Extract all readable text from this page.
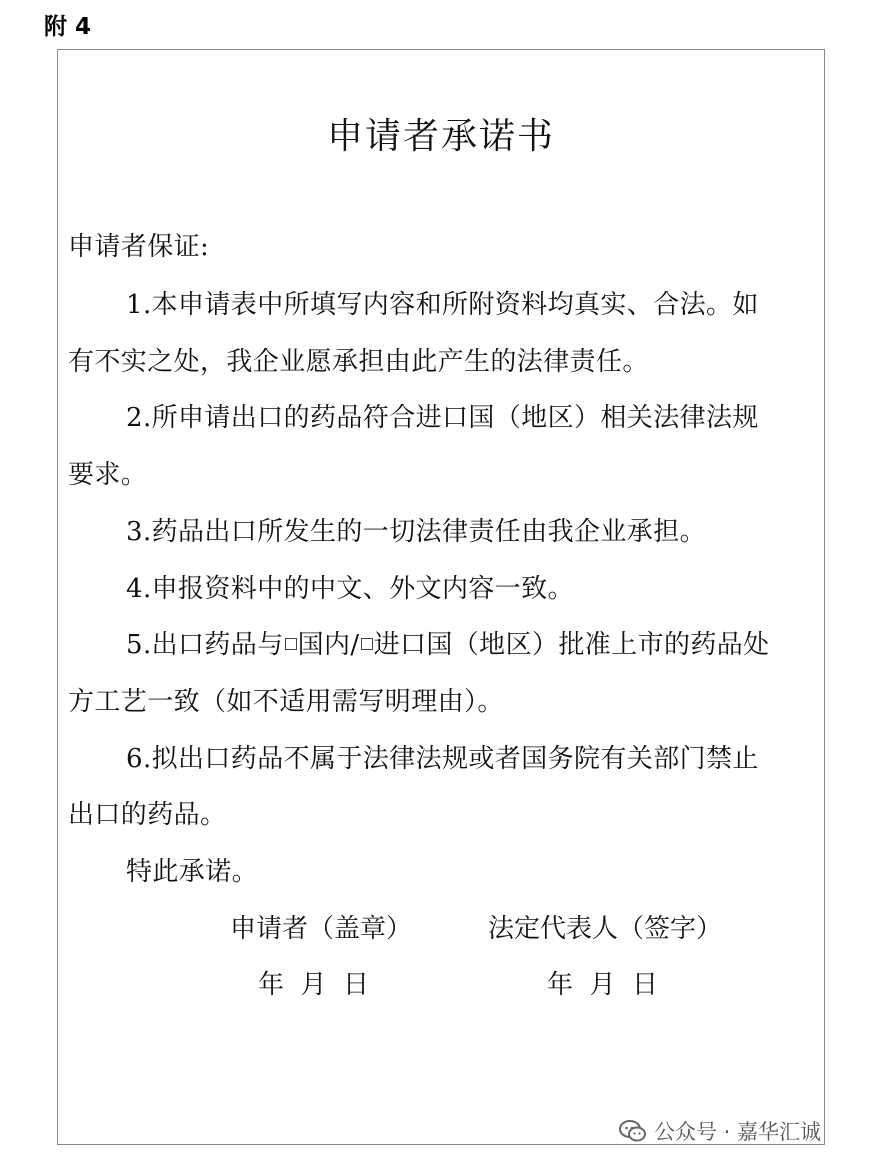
附 4
申请者承诺书
申请者保证:
1.本申请表中所填写内容和所附资料均真实、合法。如
有不实之处，我企业愿承担由此产生的法律责任。
2.所申请出口的药品符合进口国（地区）相关法律法规
要求。
3.药品出口所发生的一切法律责任由我企业承担。
4.申报资料中的中文、外文内容一致。
5.出口药品与 国内/ 进口国（地区）批准上市的药品处
方工艺一致（如不适用需写明理由）。
6.拟出口药品不属于法律法规或者国务院有关部门禁止
出口的药品。
特此承诺。
申请者（盖章）	法定代表人（签字）
年  月  日	年  月  日
公众号 · 嘉华汇诚
